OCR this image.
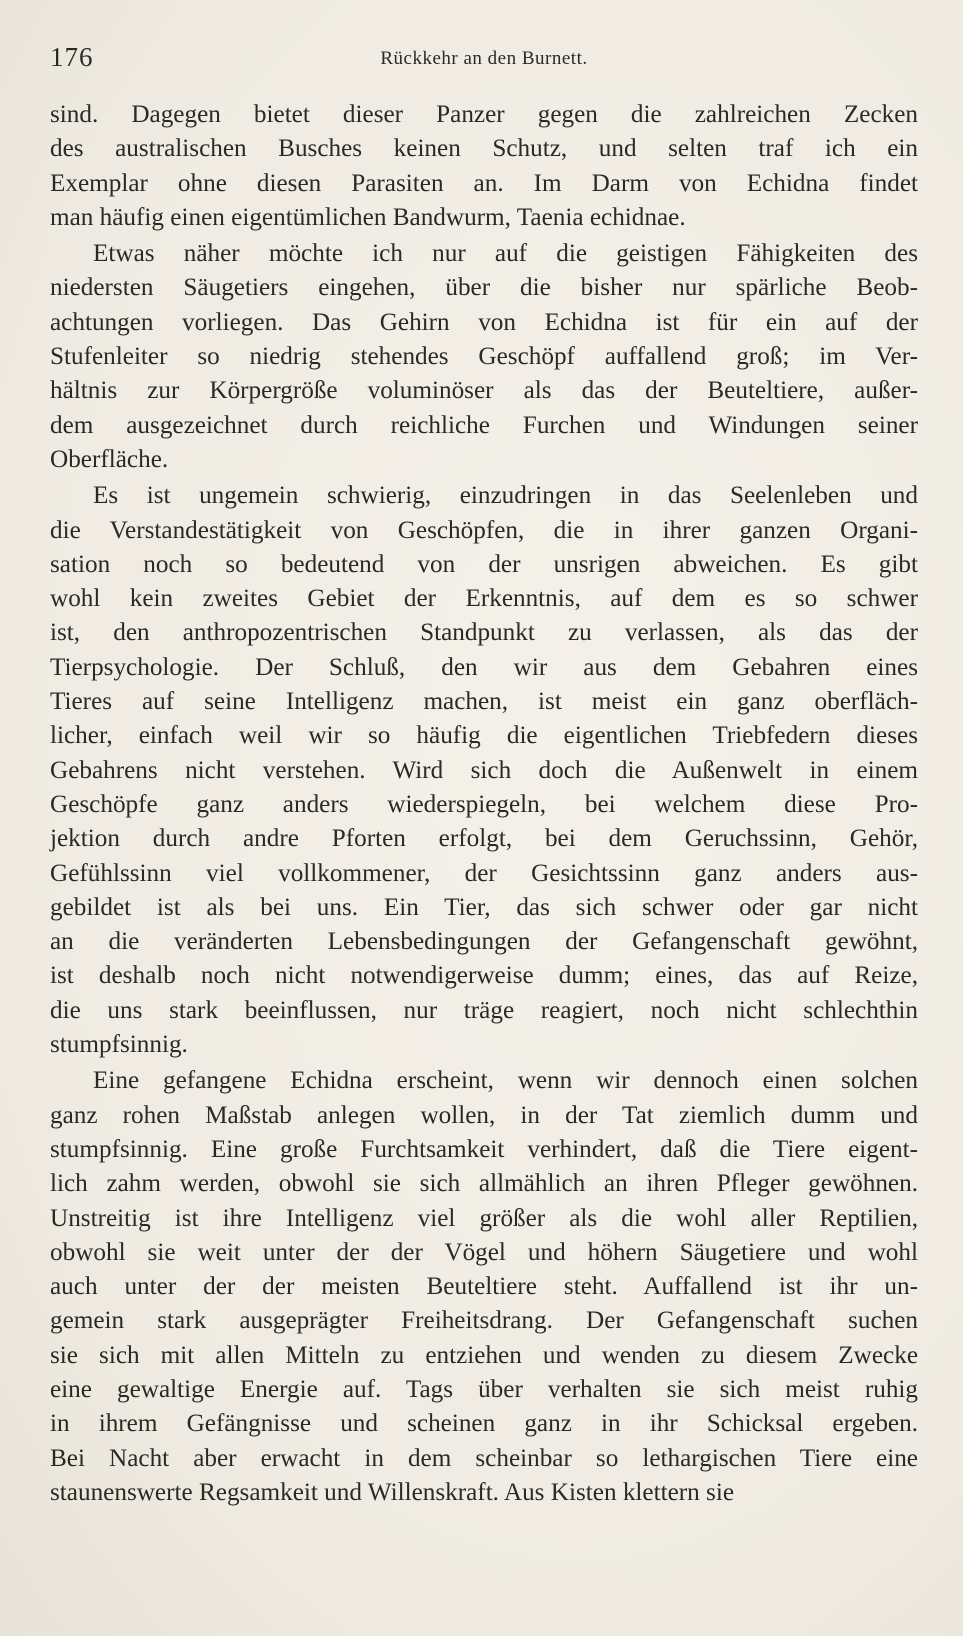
176	Rückkehr an den Burnett.
sind. Dagegen bietet dieser Panzer gegen die zahlreichen Zecken
des australischen Busches keinen Schutz, und selten traf ich ein
Exemplar ohne diesen Parasiten an. Im Darm von Echidna findet
man häufig einen eigentümlichen Bandwurm, Taenia echidnae.
Etwas näher möchte ich nur auf die geistigen Fähigkeiten des
niedersten Säugetiers eingehen, über die bisher nur spärliche Beob-
achtungen vorliegen. Das Gehirn von Echidna ist für ein auf der
Stufenleiter so niedrig stehendes Geschöpf auffallend groß; im Ver-
hältnis zur Körpergröße voluminöser als das der Beuteltiere, außer-
dem ausgezeichnet durch reichliche Furchen und Windungen seiner
Oberfläche.
Es ist ungemein schwierig, einzudringen in das Seelenleben und
die Verstandestätigkeit von Geschöpfen, die in ihrer ganzen Organi-
sation noch so bedeutend von der unsrigen abweichen. Es gibt
wohl kein zweites Gebiet der Erkenntnis, auf dem es so schwer
ist, den anthropozentrischen Standpunkt zu verlassen, als das der
Tierpsychologie. Der Schluß, den wir aus dem Gebahren eines
Tieres auf seine Intelligenz machen, ist meist ein ganz oberfläch-
licher, einfach weil wir so häufig die eigentlichen Triebfedern dieses
Gebahrens nicht verstehen. Wird sich doch die Außenwelt in einem
Geschöpfe ganz anders wiederspiegeln, bei welchem diese Pro-
jektion durch andre Pforten erfolgt, bei dem Geruchssinn, Gehör,
Gefühlssinn viel vollkommener, der Gesichtssinn ganz anders aus-
gebildet ist als bei uns. Ein Tier, das sich schwer oder gar nicht
an die veränderten Lebensbedingungen der Gefangenschaft gewöhnt,
ist deshalb noch nicht notwendigerweise dumm; eines, das auf Reize,
die uns stark beeinflussen, nur träge reagiert, noch nicht schlechthin
stumpfsinnig.
Eine gefangene Echidna erscheint, wenn wir dennoch einen solchen
ganz rohen Maßstab anlegen wollen, in der Tat ziemlich dumm und
stumpfsinnig. Eine große Furchtsamkeit verhindert, daß die Tiere eigent-
lich zahm werden, obwohl sie sich allmählich an ihren Pfleger gewöhnen.
Unstreitig ist ihre Intelligenz viel größer als die wohl aller Reptilien,
obwohl sie weit unter der der Vögel und höhern Säugetiere und wohl
auch unter der der meisten Beuteltiere steht. Auffallend ist ihr un-
gemein stark ausgeprägter Freiheitsdrang. Der Gefangenschaft suchen
sie sich mit allen Mitteln zu entziehen und wenden zu diesem Zwecke
eine gewaltige Energie auf. Tags über verhalten sie sich meist ruhig
in ihrem Gefängnisse und scheinen ganz in ihr Schicksal ergeben.
Bei Nacht aber erwacht in dem scheinbar so lethargischen Tiere eine
staunenswerte Regsamkeit und Willenskraft. Aus Kisten klettern sie
